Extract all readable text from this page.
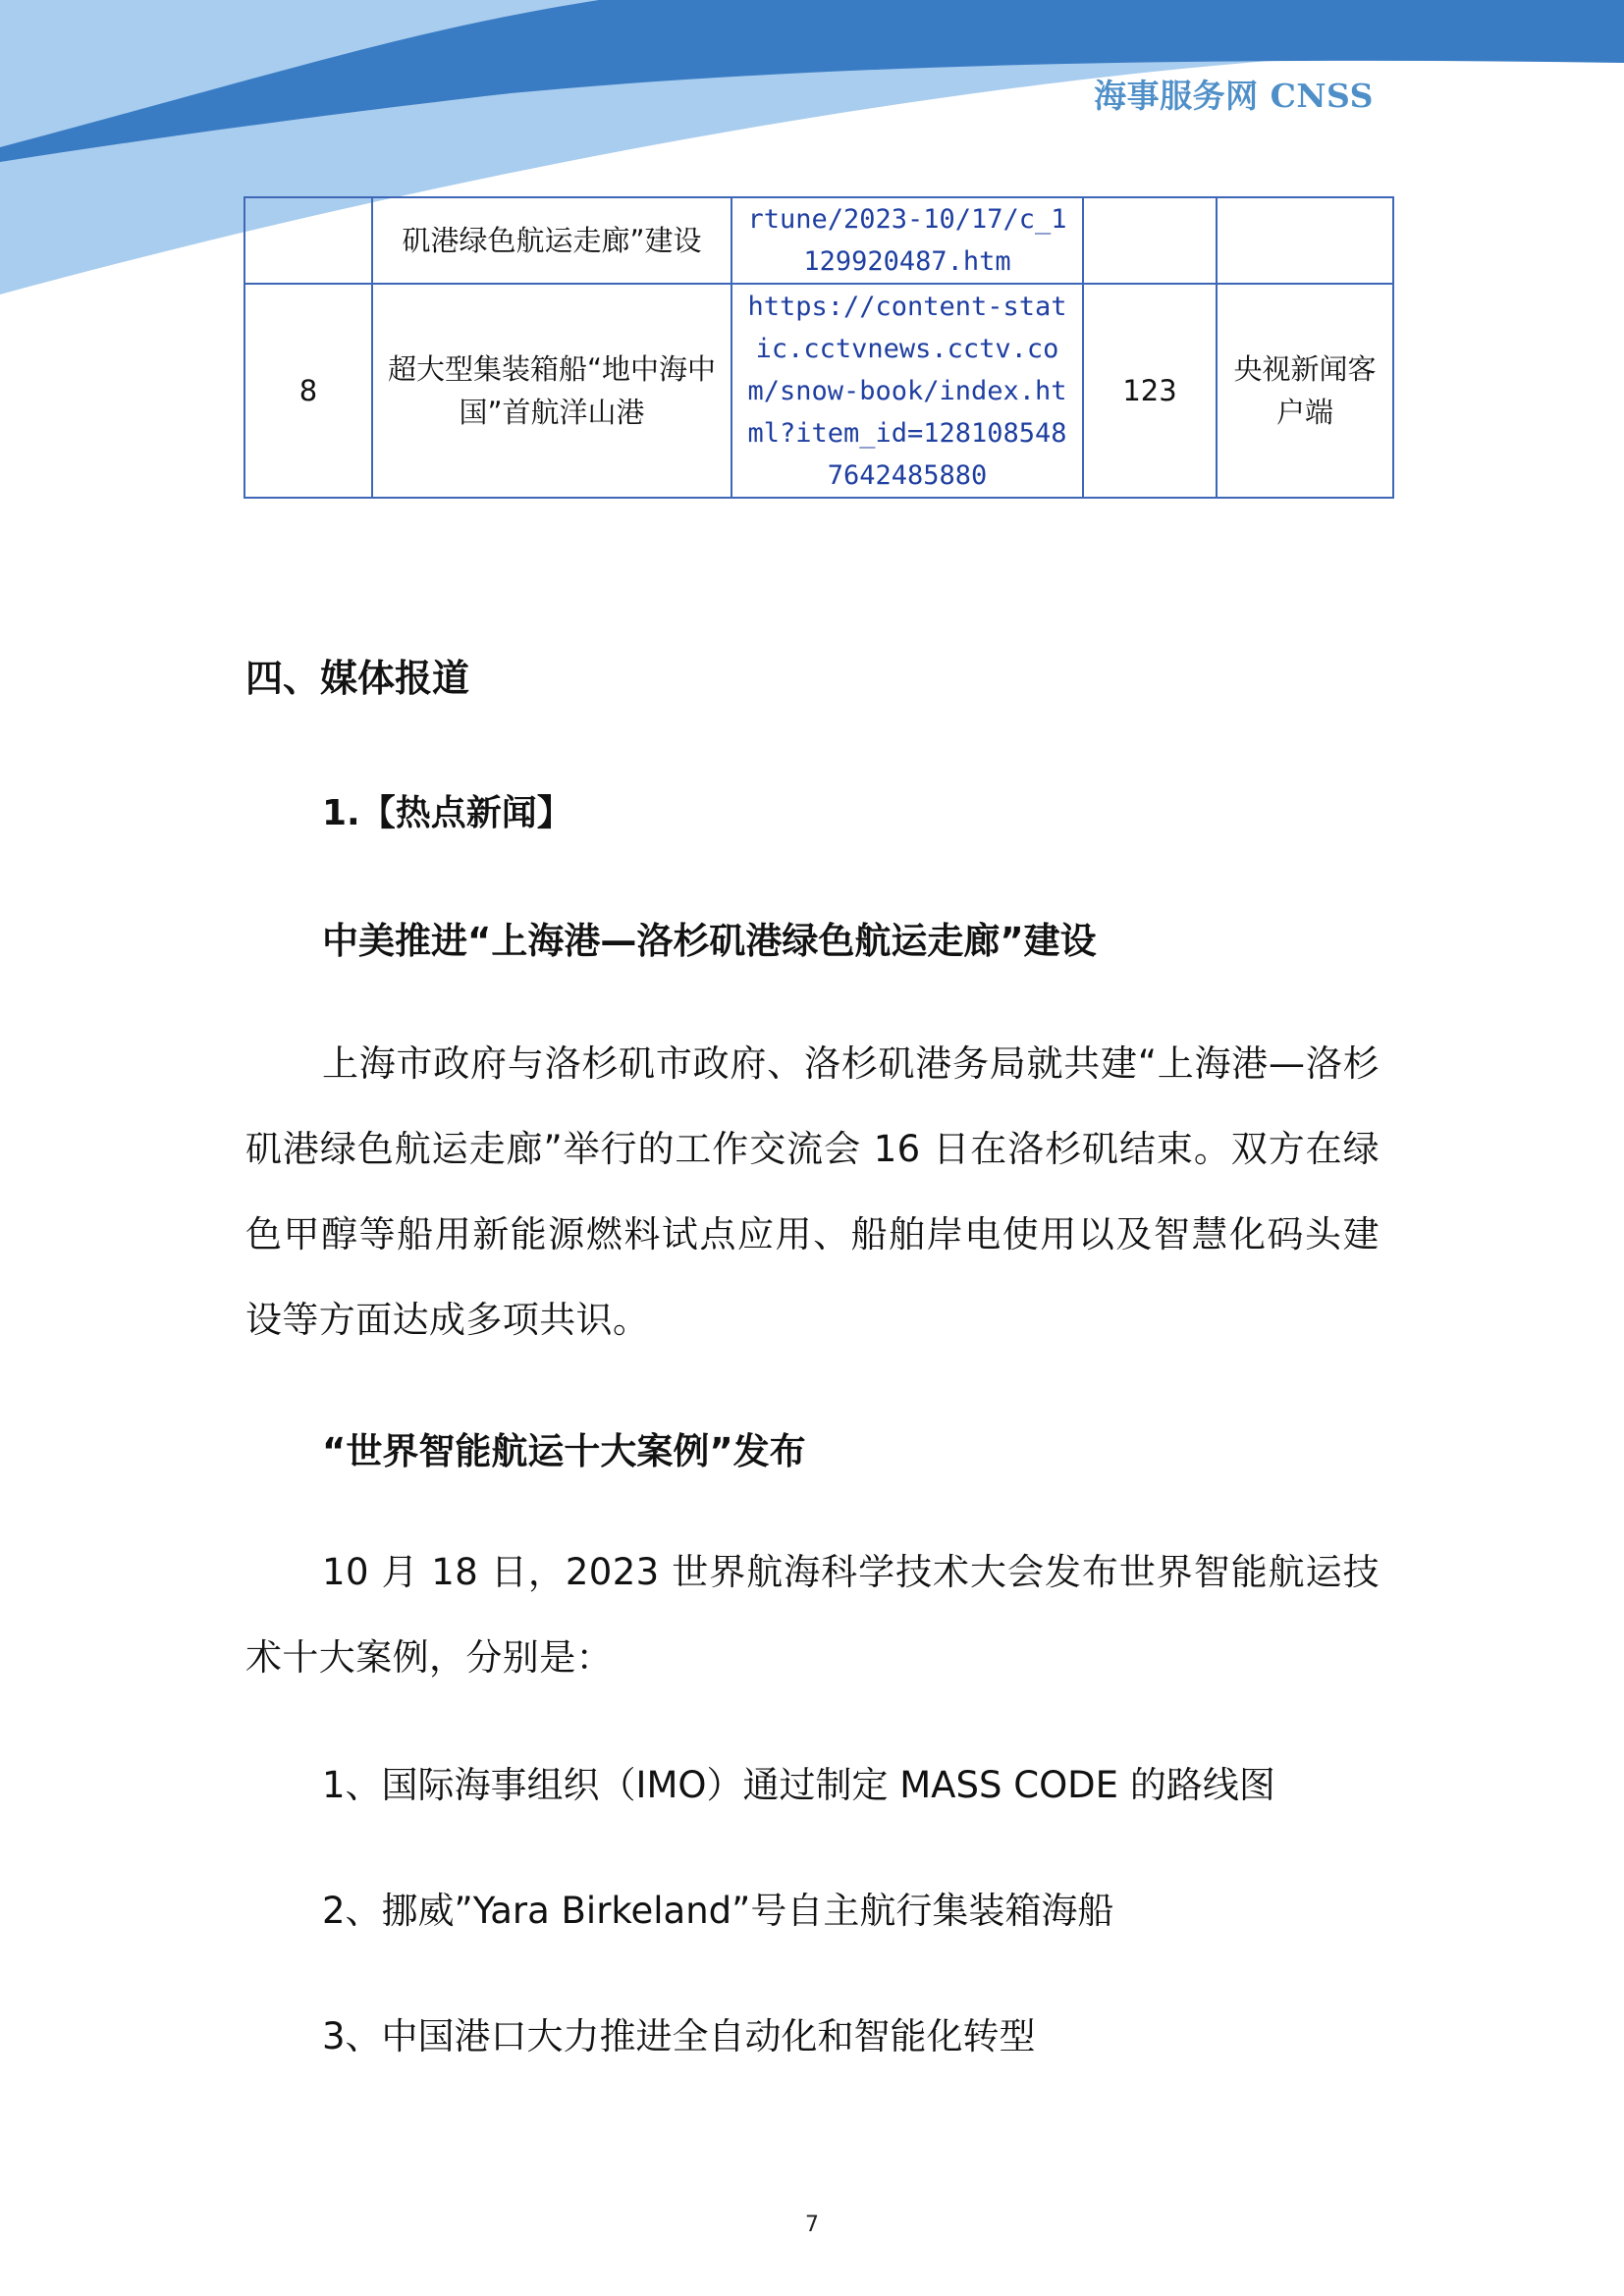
海事服务网 CNSS
	矶港绿色航运走廊”建设	rtune/2023-10/17/c_1129920487.htm		
8	超大型集装箱船“地中海中国”首航洋山港	https://content-static.cctvnews.cctv.com/snow-book/index.html?item_id=1281085487642485880	123	央视新闻客户端
四、媒体报道
1.【热点新闻】
中美推进“上海港—洛杉矶港绿色航运走廊”建设

上海市政府与洛杉矶市政府、洛杉矶港务局就共建“上海港—洛杉矶港绿色航运走廊”举行的工作交流会 16 日在洛杉矶结束。双方在绿色甲醇等船用新能源燃料试点应用、船舶岸电使用以及智慧化码头建设等方面达成多项共识。

“世界智能航运十大案例”发布

10 月 18 日，2023 世界航海科学技术大会发布世界智能航运技术十大案例，分别是：

1、国际海事组织（IMO）通过制定 MASS CODE 的路线图
2、挪威”Yara Birkeland”号自主航行集装箱海船
3、中国港口大力推进全自动化和智能化转型
7
